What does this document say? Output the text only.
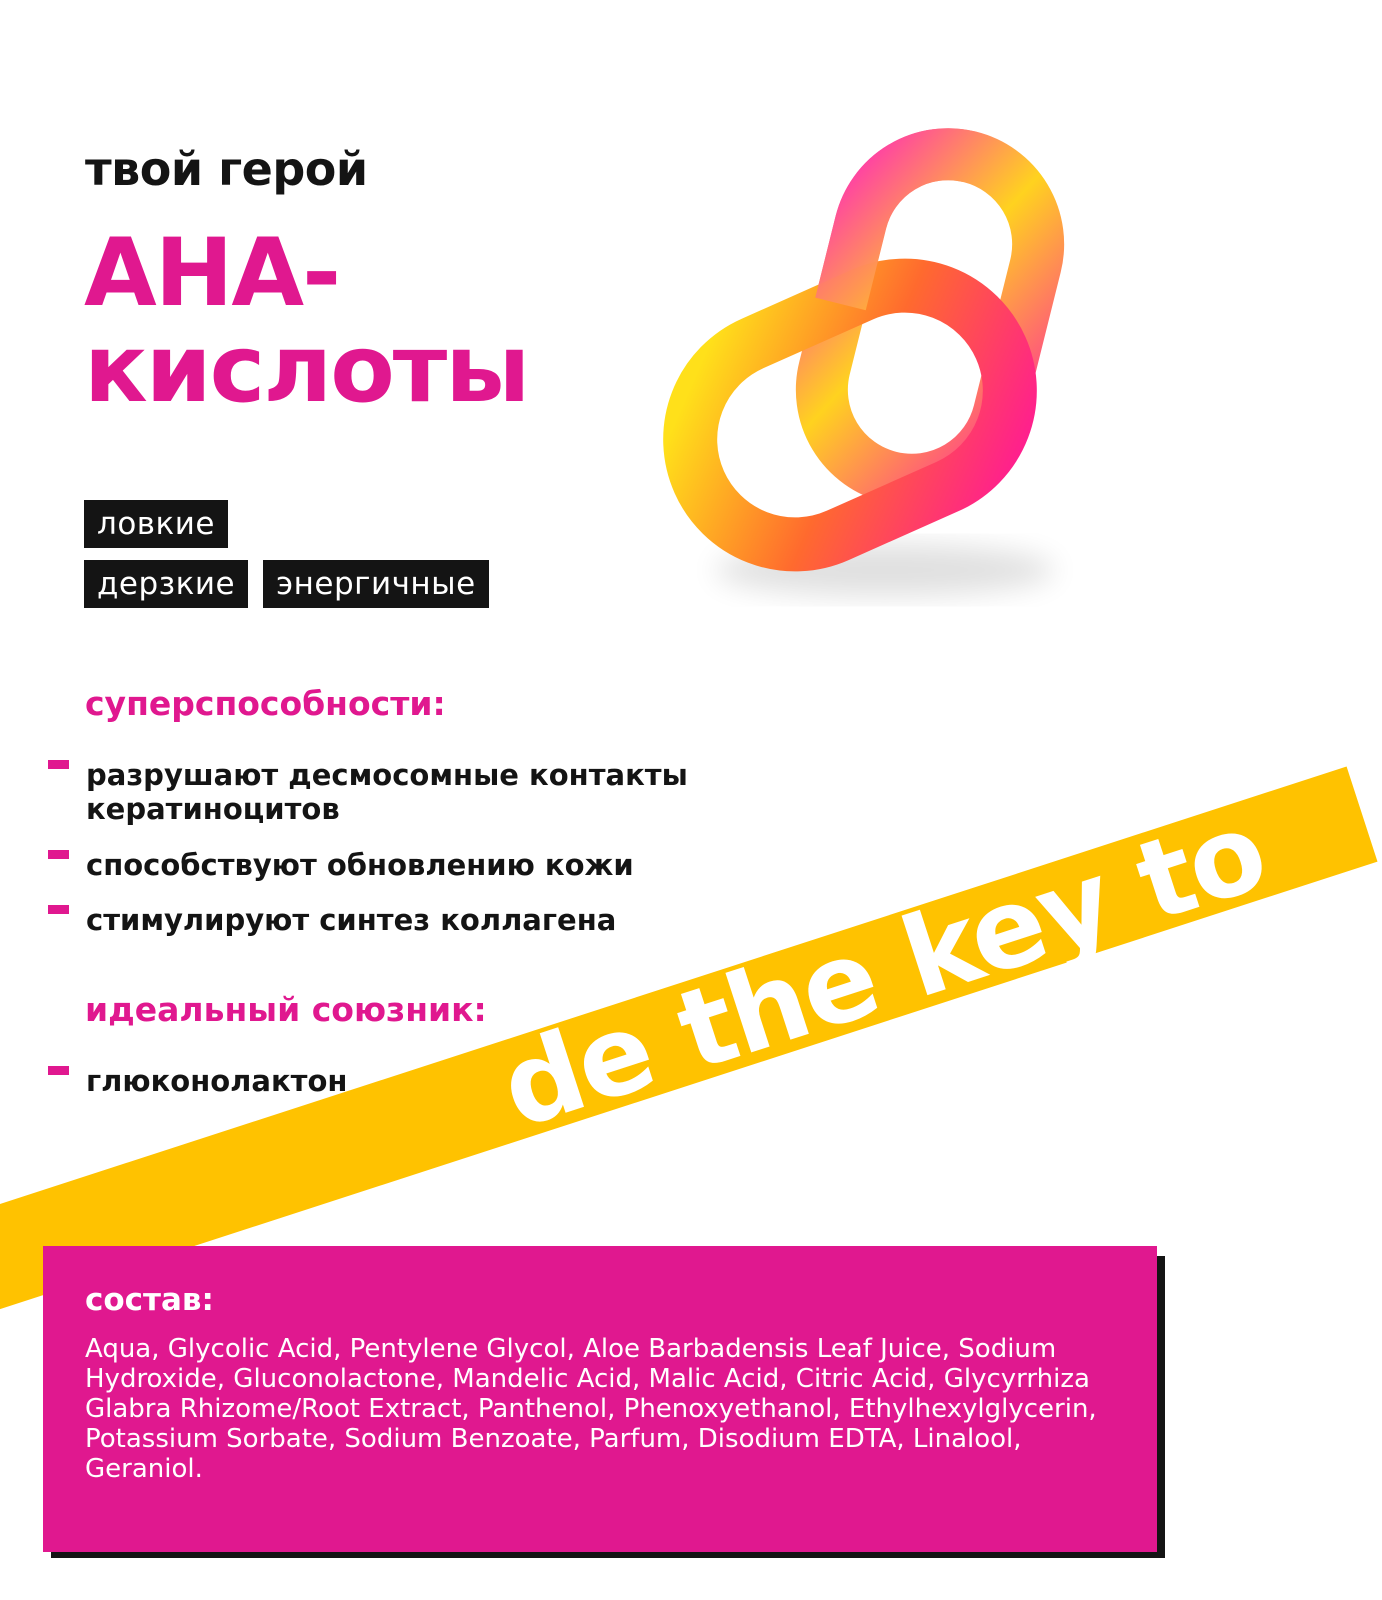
de the key to
твой герой
АНА-
кислоты
ловкие
дерзкие	энергичные
суперспособности:
разрушают десмосомные контакты кератиноцитов
способствуют обновлению кожи
стимулируют синтез коллагена
идеальный союзник:
глюконолактон
состав:

Aqua, Glycolic Acid, Pentylene Glycol, Aloe Barbadensis Leaf Juice, Sodium Hydroxide, Gluconolactone, Mandelic Acid, Malic Acid, Citric Acid, Glycyrrhiza Glabra Rhizome/Root Extract, Panthenol, Phenoxyethanol, Ethylhexylglycerin, Potassium Sorbate, Sodium Benzoate, Parfum, Disodium EDTA, Linalool, Geraniol.
